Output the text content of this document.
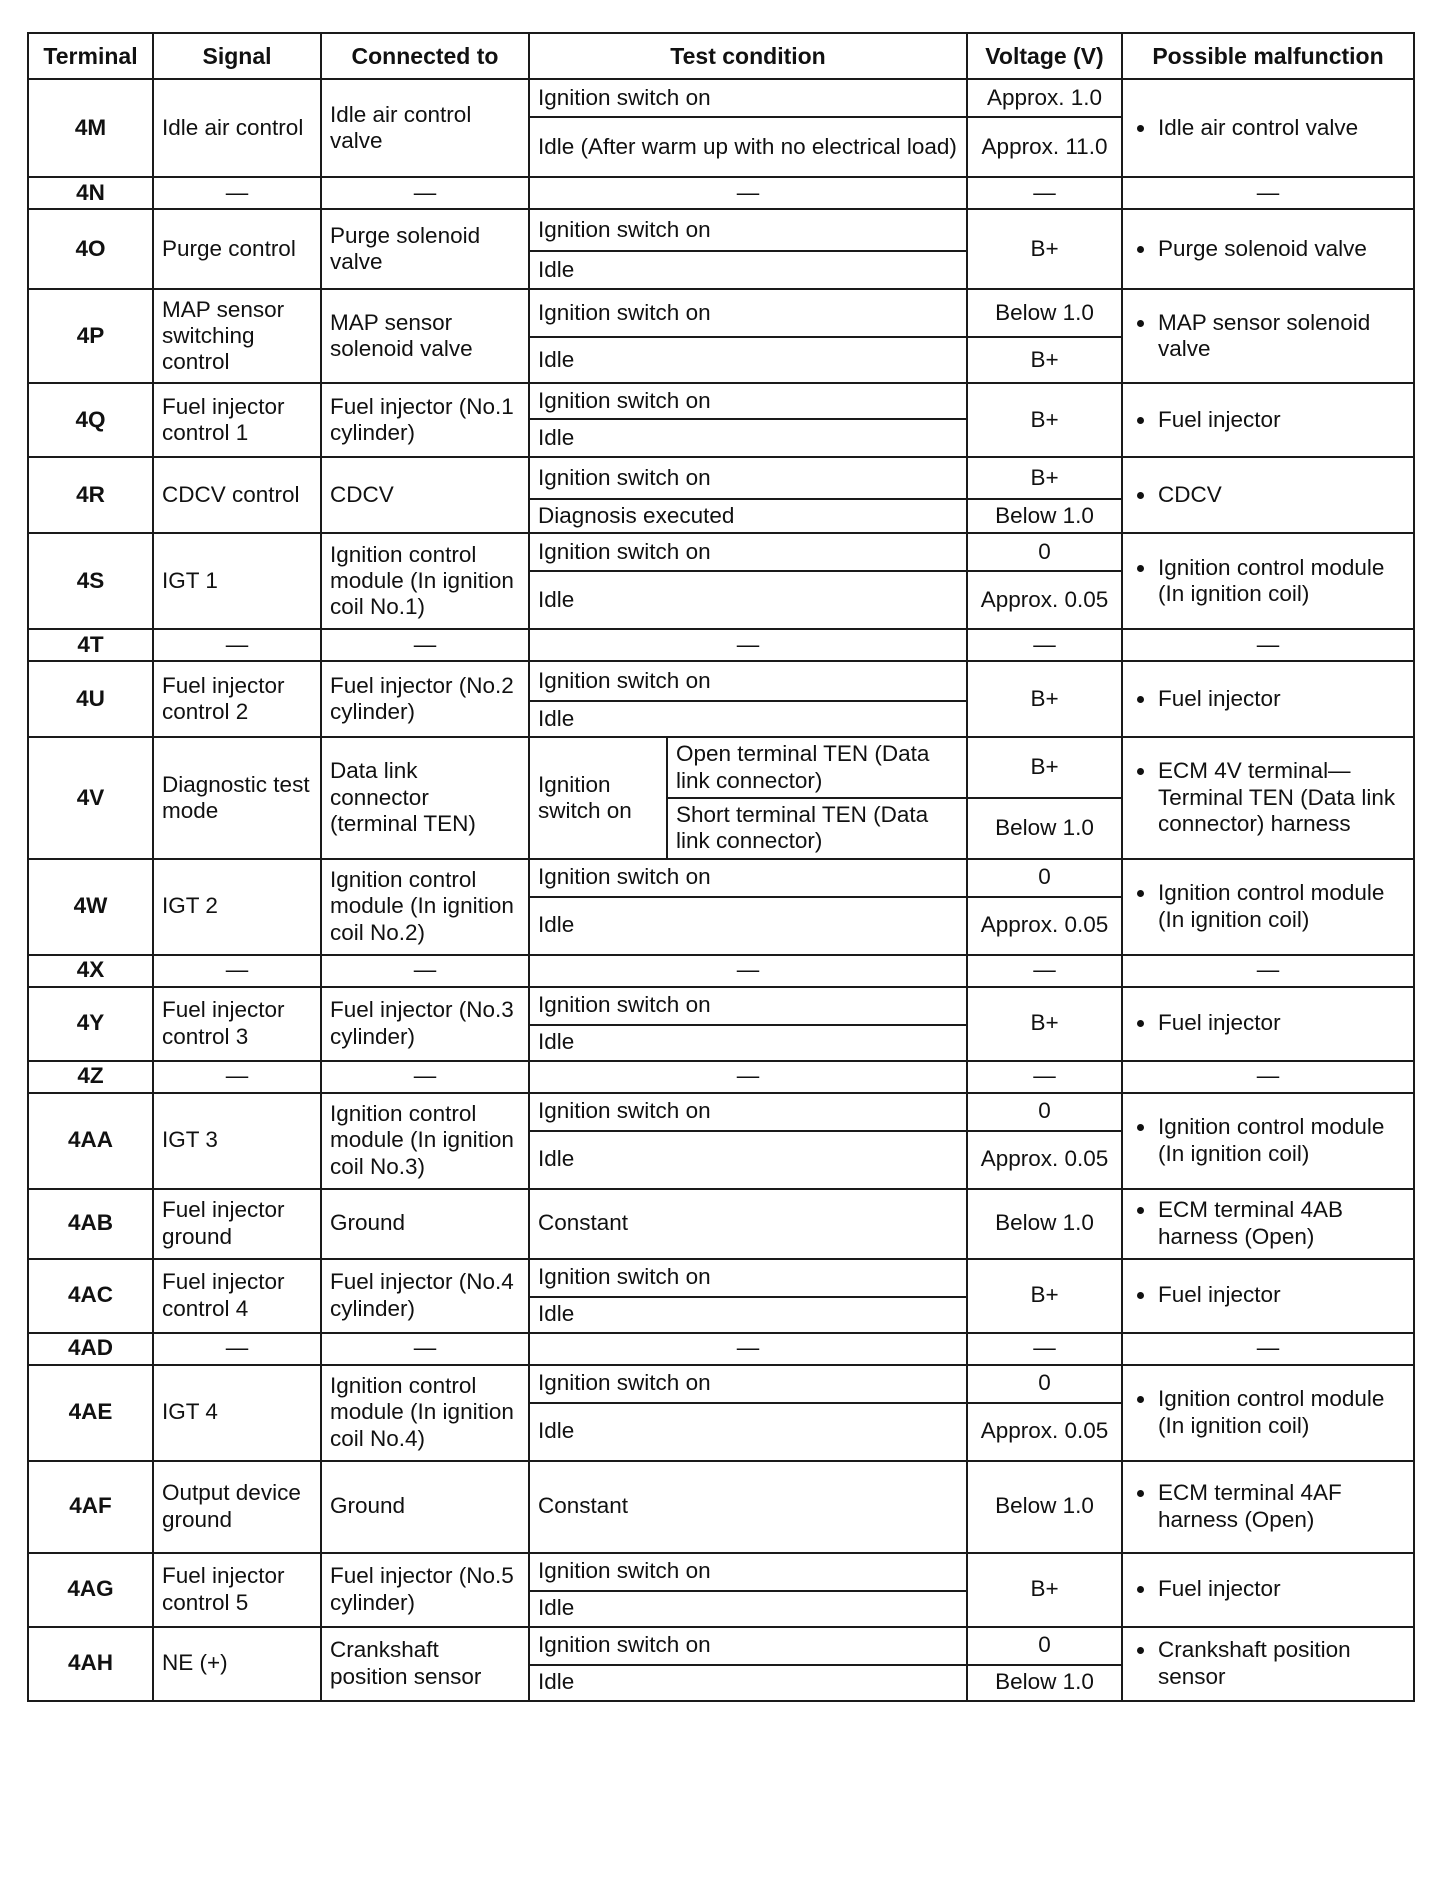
Terminal	Signal	Connected to	Test condition		Voltage (V)	Possible malfunction
4M	Idle air control	Idle air control valve	Ignition switch on		Approx. 1.0	Idle air control valve

			Idle (After warm up with no electrical load)		Approx. 11.0	
4N	—	—	—		—	—
4O	Purge control	Purge solenoid valve	Ignition switch on		B+	Purge solenoid valve

			Idle			
4P	MAP sensor switching control	MAP sensor solenoid valve	Ignition switch on		Below 1.0	MAP sensor solenoid valve

			Idle		B+	
4Q	Fuel injector control 1	Fuel injector (No.1 cylinder)	Ignition switch on		B+	Fuel injector

			Idle			
4R	CDCV control	CDCV	Ignition switch on		B+	CDCV

			Diagnosis executed		Below 1.0	
4S	IGT 1	Ignition control module (In ignition coil No.1)	Ignition switch on		0	Ignition control module (In ignition coil)

			Idle		Approx. 0.05	
4T	—	—	—		—	—
4U	Fuel injector control 2	Fuel injector (No.2 cylinder)	Ignition switch on		B+	Fuel injector

			Idle			
4V	Diagnostic test mode	Data link connector (terminal TEN)	Ignition switch on	Open terminal TEN (Data link connector)	B+	ECM 4V terminal—Terminal TEN (Data link connector) harness

				Short terminal TEN (Data link connector)	Below 1.0	
4W	IGT 2	Ignition control module (In ignition coil No.2)	Ignition switch on		0	Ignition control module (In ignition coil)

			Idle		Approx. 0.05	
4X	—	—	—		—	—
4Y	Fuel injector control 3	Fuel injector (No.3 cylinder)	Ignition switch on		B+	Fuel injector

			Idle			
4Z	—	—	—		—	—
4AA	IGT 3	Ignition control module (In ignition coil No.3)	Ignition switch on		0	Ignition control module (In ignition coil)

			Idle		Approx. 0.05	
4AB	Fuel injector ground	Ground	Constant		Below 1.0	ECM terminal 4AB harness (Open)

4AC	Fuel injector control 4	Fuel injector (No.4 cylinder)	Ignition switch on		B+	Fuel injector

			Idle			
4AD	—	—	—		—	—
4AE	IGT 4	Ignition control module (In ignition coil No.4)	Ignition switch on		0	Ignition control module (In ignition coil)

			Idle		Approx. 0.05	
4AF	Output device ground	Ground	Constant		Below 1.0	ECM terminal 4AF harness (Open)

4AG	Fuel injector control 5	Fuel injector (No.5 cylinder)	Ignition switch on		B+	Fuel injector

			Idle			
4AH	NE (+)	Crankshaft position sensor	Ignition switch on		0	Crankshaft position sensor

			Idle		Below 1.0	
